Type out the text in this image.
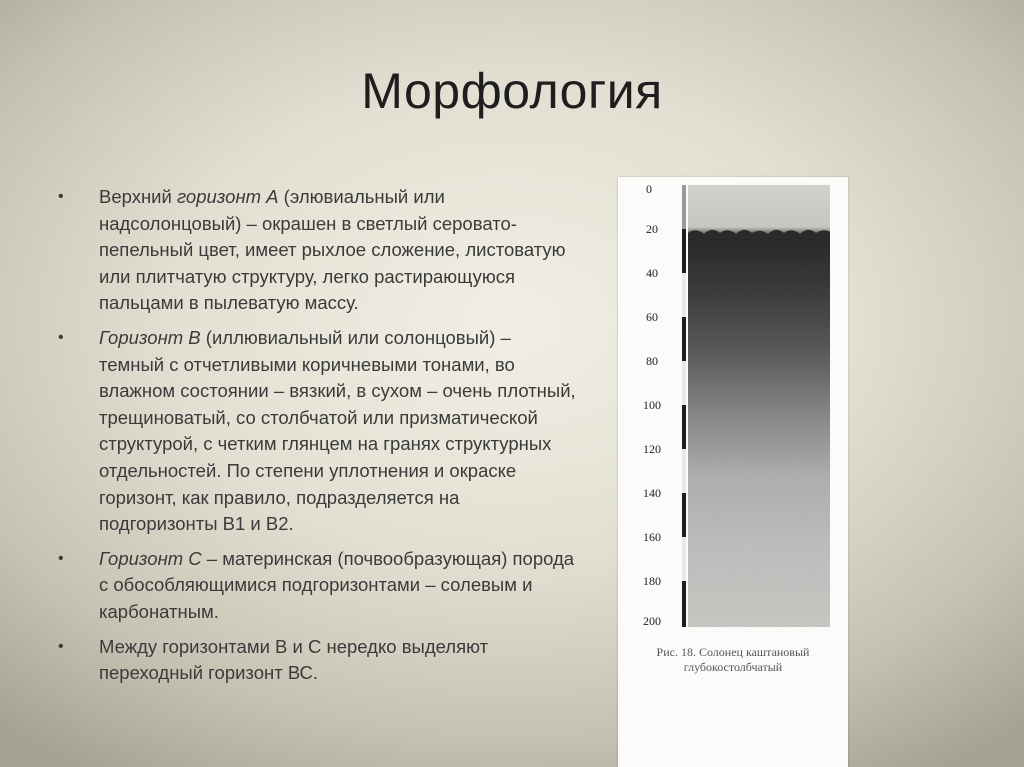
Морфология
• Верхний горизонт А (элювиальный или надсолонцовый) – окрашен в светлый серовато-пепельный цвет, имеет рыхлое сложение, листоватую или плитчатую структуру, легко растирающуюся пальцами в пылеватую массу.
• Горизонт В (иллювиальный или солонцовый) – темный с отчетливыми коричневыми тонами, во влажном состоянии – вязкий, в сухом – очень плотный, трещиноватый, со столбчатой или призматической структурой, с четким глянцем на гранях структурных отдельностей. По степени уплотнения и окраске горизонт, как правило, подразделяется на подгоризонты В1 и В2.
• Горизонт С – материнская (почвообразующая) порода с обособляющимися подгоризонтами – солевым и карбонатным.
• Между горизонтами В и С нередко выделяют переходный горизонт ВС.
0
20
40
60
80
100
120
140
160
180
200
Рис. 18. Солонец каштановый
глубокостолбчатый
